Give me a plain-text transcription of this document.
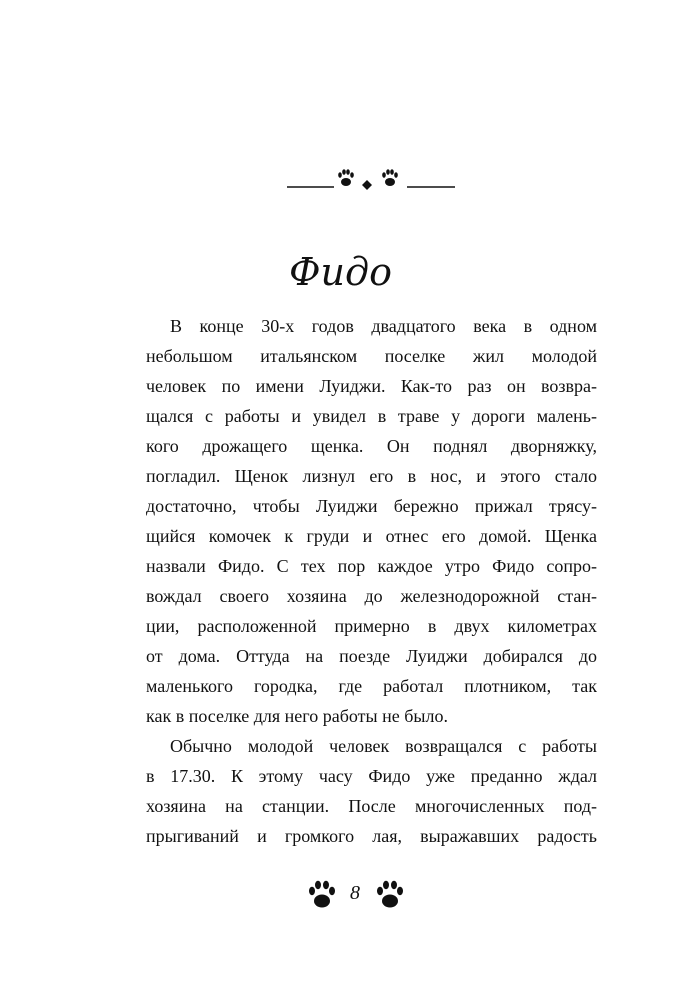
Фидо
В конце 30-х годов двадцатого века в одном
небольшом итальянском поселке жил молодой
человек по имени Луиджи. Как-то раз он возвра-
щался с работы и увидел в траве у дороги малень-
кого дрожащего щенка. Он поднял дворняжку,
погладил. Щенок лизнул его в нос, и этого стало
достаточно, чтобы Луиджи бережно прижал трясу-
щийся комочек к груди и отнес его домой. Щенка
назвали Фидо. С тех пор каждое утро Фидо сопро-
вождал своего хозяина до железнодорожной стан-
ции, расположенной примерно в двух километрах
от дома. Оттуда на поезде Луиджи добирался до
маленького городка, где работал плотником, так
как в поселке для него работы не было.
Обычно молодой человек возвращался с работы
в 17.30. К этому часу Фидо уже преданно ждал
хозяина на станции. После многочисленных под-
прыгиваний и громкого лая, выражавших радость
8
